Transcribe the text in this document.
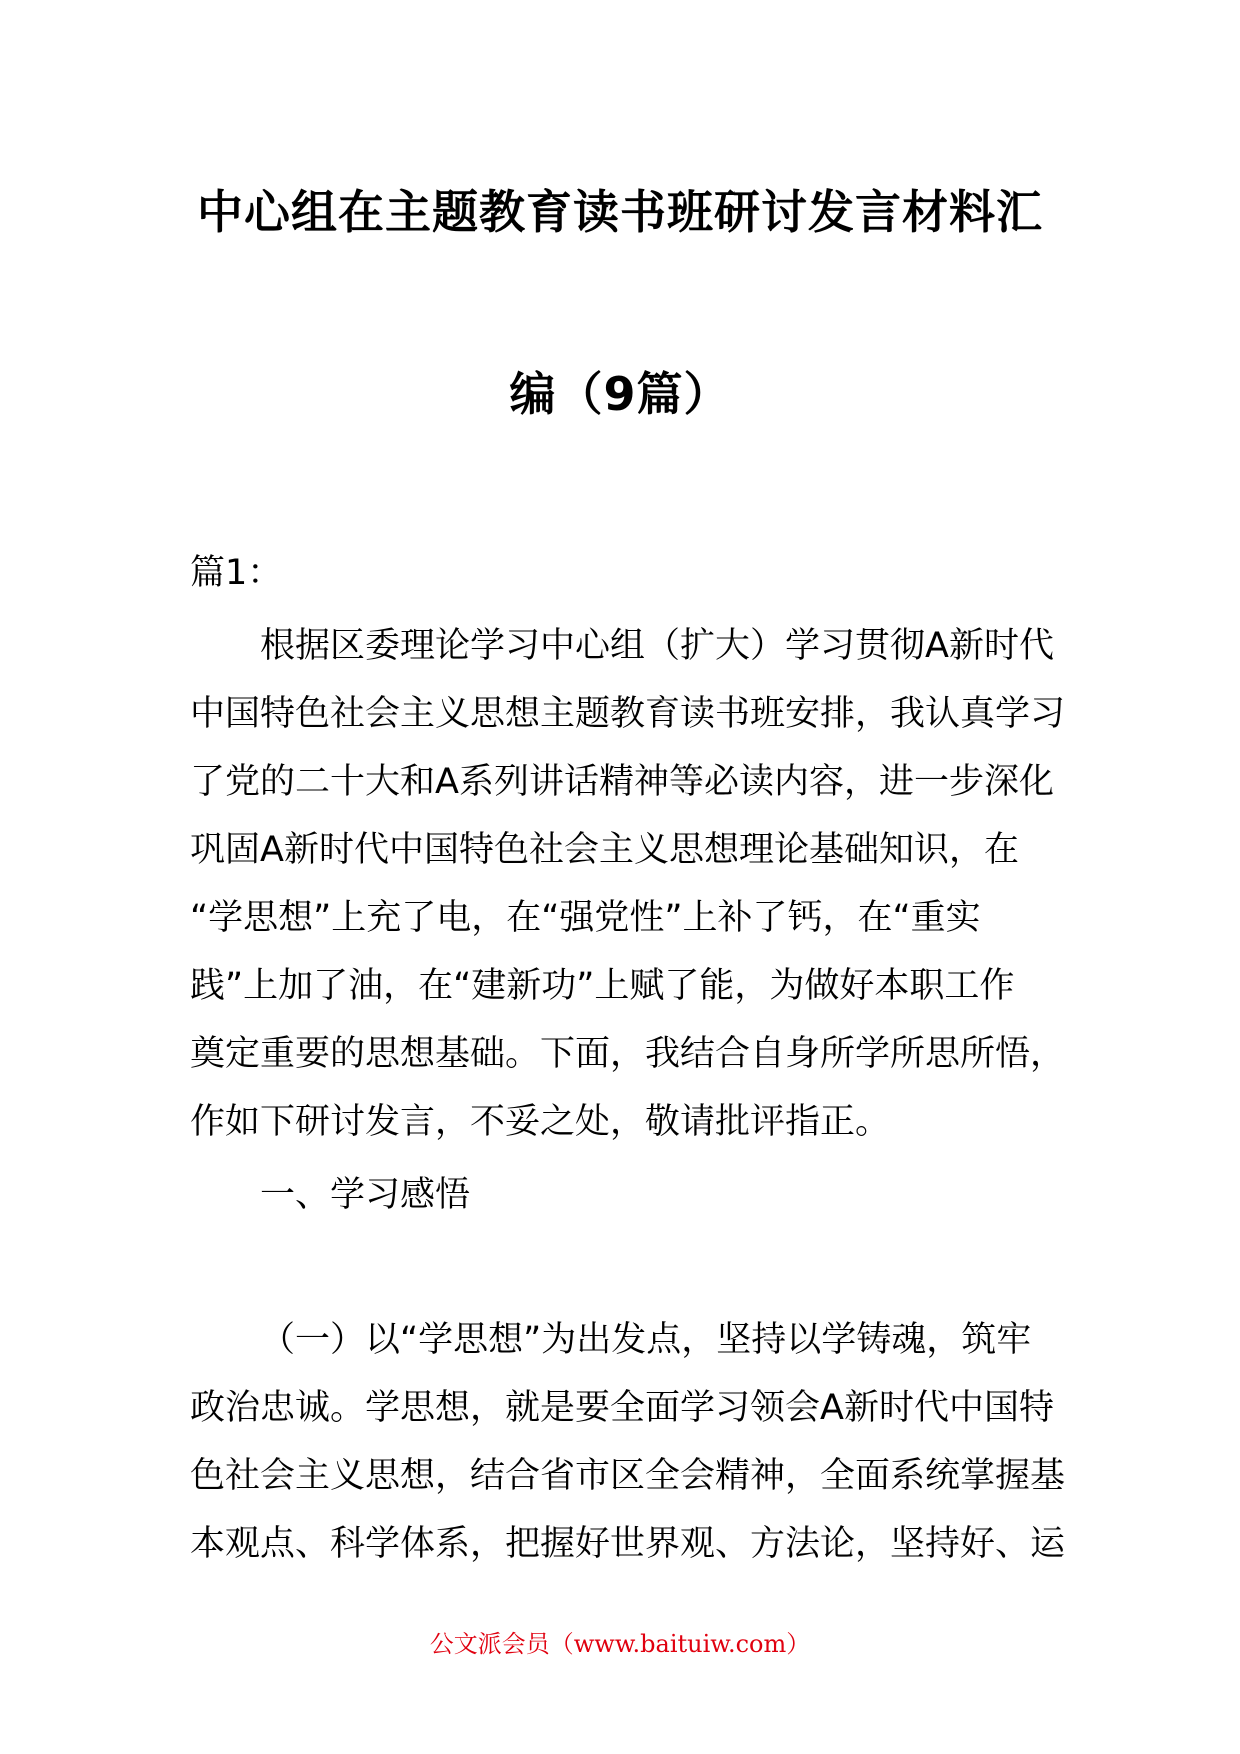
中心组在主题教育读书班研讨发言材料汇
编（9篇）
篇1：
根据区委理论学习中心组（扩大）学习贯彻A新时代
中国特色社会主义思想主题教育读书班安排，我认真学习
了党的二十大和A系列讲话精神等必读内容，进一步深化
巩固A新时代中国特色社会主义思想理论基础知识，在
“学思想”上充了电，在“强党性”上补了钙，在“重实
践”上加了油，在“建新功”上赋了能，为做好本职工作
奠定重要的思想基础。下面，我结合自身所学所思所悟，
作如下研讨发言，不妥之处，敬请批评指正。
一、学习感悟
（一）以“学思想”为出发点，坚持以学铸魂，筑牢
政治忠诚。学思想，就是要全面学习领会A新时代中国特
色社会主义思想，结合省市区全会精神，全面系统掌握基
本观点、科学体系，把握好世界观、方法论，坚持好、运
公文派会员（www.baituiw.com）
